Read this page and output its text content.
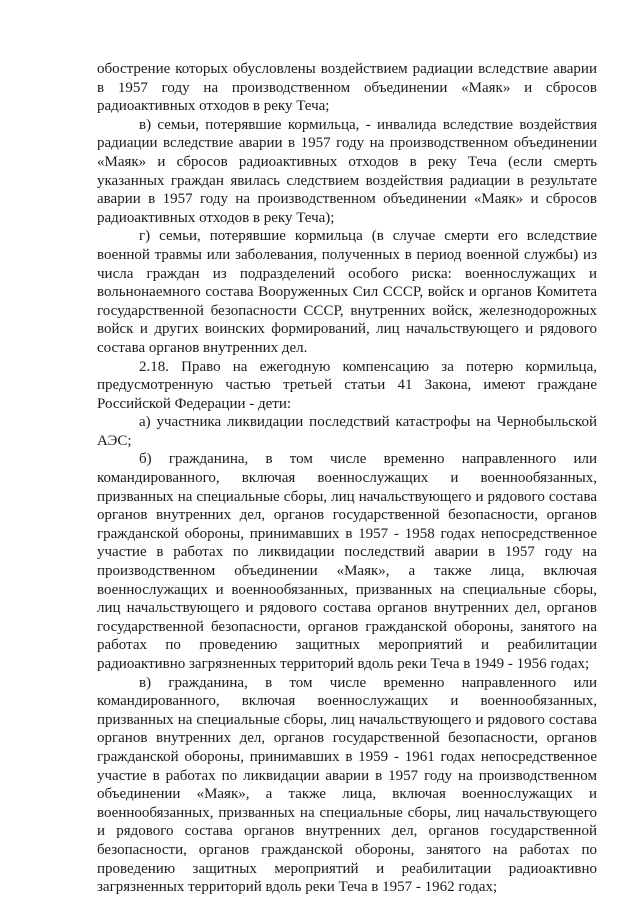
обострение которых обусловлены воздействием радиации вследствие аварии в 1957 году на производственном объединении «Маяк» и сбросов радиоактивных отходов в реку Теча;

в) семьи, потерявшие кормильца, - инвалида вследствие воздействия радиации вследствие аварии в 1957 году на производственном объединении «Маяк» и сбросов радиоактивных отходов в реку Теча (если смерть указанных граждан явилась следствием воздействия радиации в результате аварии в 1957 году на производственном объединении «Маяк» и сбросов радиоактивных отходов в реку Теча);

г) семьи, потерявшие кормильца (в случае смерти его вследствие военной травмы или заболевания, полученных в период военной службы) из числа граждан из подразделений особого риска: военнослужащих и вольнонаемного состава Вооруженных Сил СССР, войск и органов Комитета государственной безопасности СССР, внутренних войск, железнодорожных войск и других воинских формирований, лиц начальствующего и рядового состава органов внутренних дел.

2.18. Право на ежегодную компенсацию за потерю кормильца, предусмотренную частью третьей статьи 41 Закона, имеют граждане Российской Федерации - дети:

а) участника ликвидации последствий катастрофы на Чернобыльской АЭС;

б) гражданина, в том числе временно направленного или командированного, включая военнослужащих и военнообязанных, призванных на специальные сборы, лиц начальствующего и рядового состава органов внутренних дел, органов государственной безопасности, органов гражданской обороны, принимавших в 1957 - 1958 годах непосредственное участие в работах по ликвидации последствий аварии в 1957 году на производственном объединении «Маяк», а также лица, включая военнослужащих и военнообязанных, призванных на специальные сборы, лиц начальствующего и рядового состава органов внутренних дел, органов государственной безопасности, органов гражданской обороны, занятого на работах по проведению защитных мероприятий и реабилитации радиоактивно загрязненных территорий вдоль реки Теча в 1949 - 1956 годах;

в) гражданина, в том числе временно направленного или командированного, включая военнослужащих и военнообязанных, призванных на специальные сборы, лиц начальствующего и рядового состава органов внутренних дел, органов государственной безопасности, органов гражданской обороны, принимавших в 1959 - 1961 годах непосредственное участие в работах по ликвидации аварии в 1957 году на производственном объединении «Маяк», а также лица, включая военнослужащих и военнообязанных, призванных на специальные сборы, лиц начальствующего и рядового состава органов внутренних дел, органов государственной безопасности, органов гражданской обороны, занятого на работах по проведению защитных мероприятий и реабилитации радиоактивно загрязненных территорий вдоль реки Теча в 1957 - 1962 годах;
